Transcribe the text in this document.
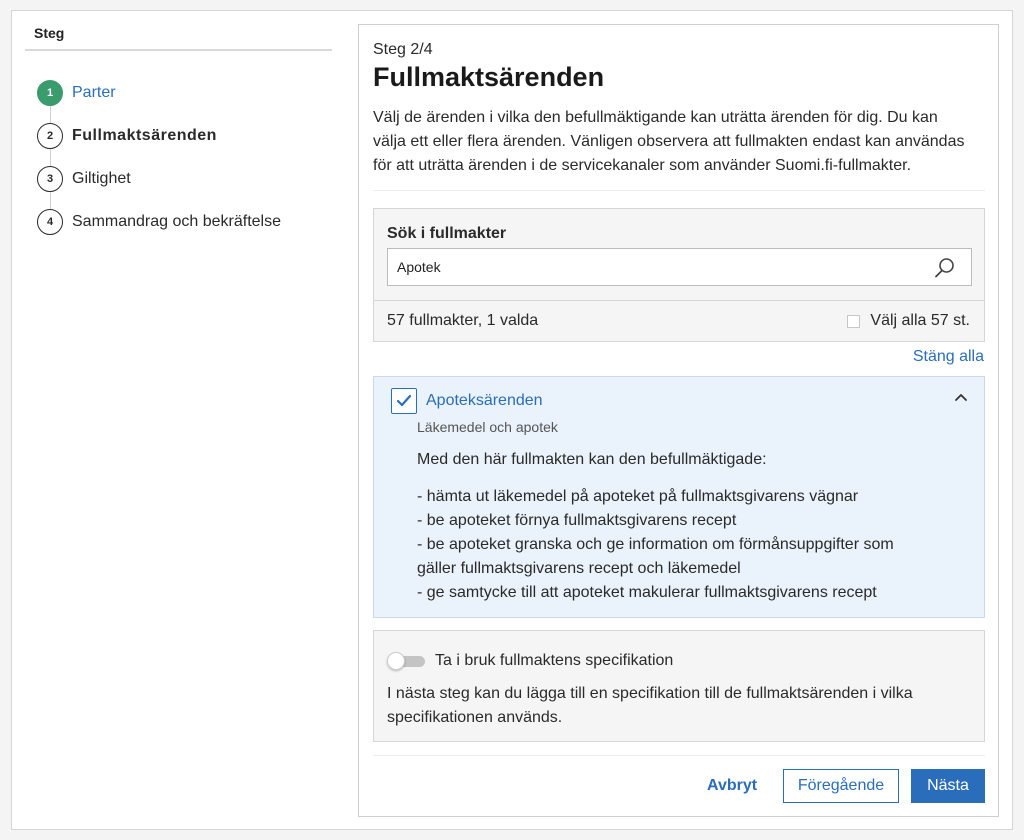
Steg
1	Parter
2	Fullmaktsärenden
3	Giltighet
4	Sammandrag och bekräftelse
Steg 2/4
Fullmaktsärenden

Välj de ärenden i vilka den befullmäktigande kan uträtta ärenden för dig. Du kan välja ett eller flera ärenden. Vänligen observera att fullmakten endast kan användas för att uträtta ärenden i de servicekanaler som använder Suomi.fi-fullmakter.

Sök i fullmakter
Apotek
57 fullmakter, 1 valda	Välj alla 57 st.
Stäng alla
Apoteksärenden
Läkemedel och apotek
Med den här fullmakten kan den befullmäktigade:
- hämta ut läkemedel på apoteket på fullmaktsgivarens vägnar
- be apoteket förnya fullmaktsgivarens recept
- be apoteket granska och ge information om förmånsuppgifter som gäller fullmaktsgivarens recept och läkemedel
- ge samtycke till att apoteket makulerar fullmaktsgivarens recept
Ta i bruk fullmaktens specifikation

I nästa steg kan du lägga till en specifikation till de fullmaktsärenden i vilka specifikationen används.

Avbryt	Föregående	Nästa
